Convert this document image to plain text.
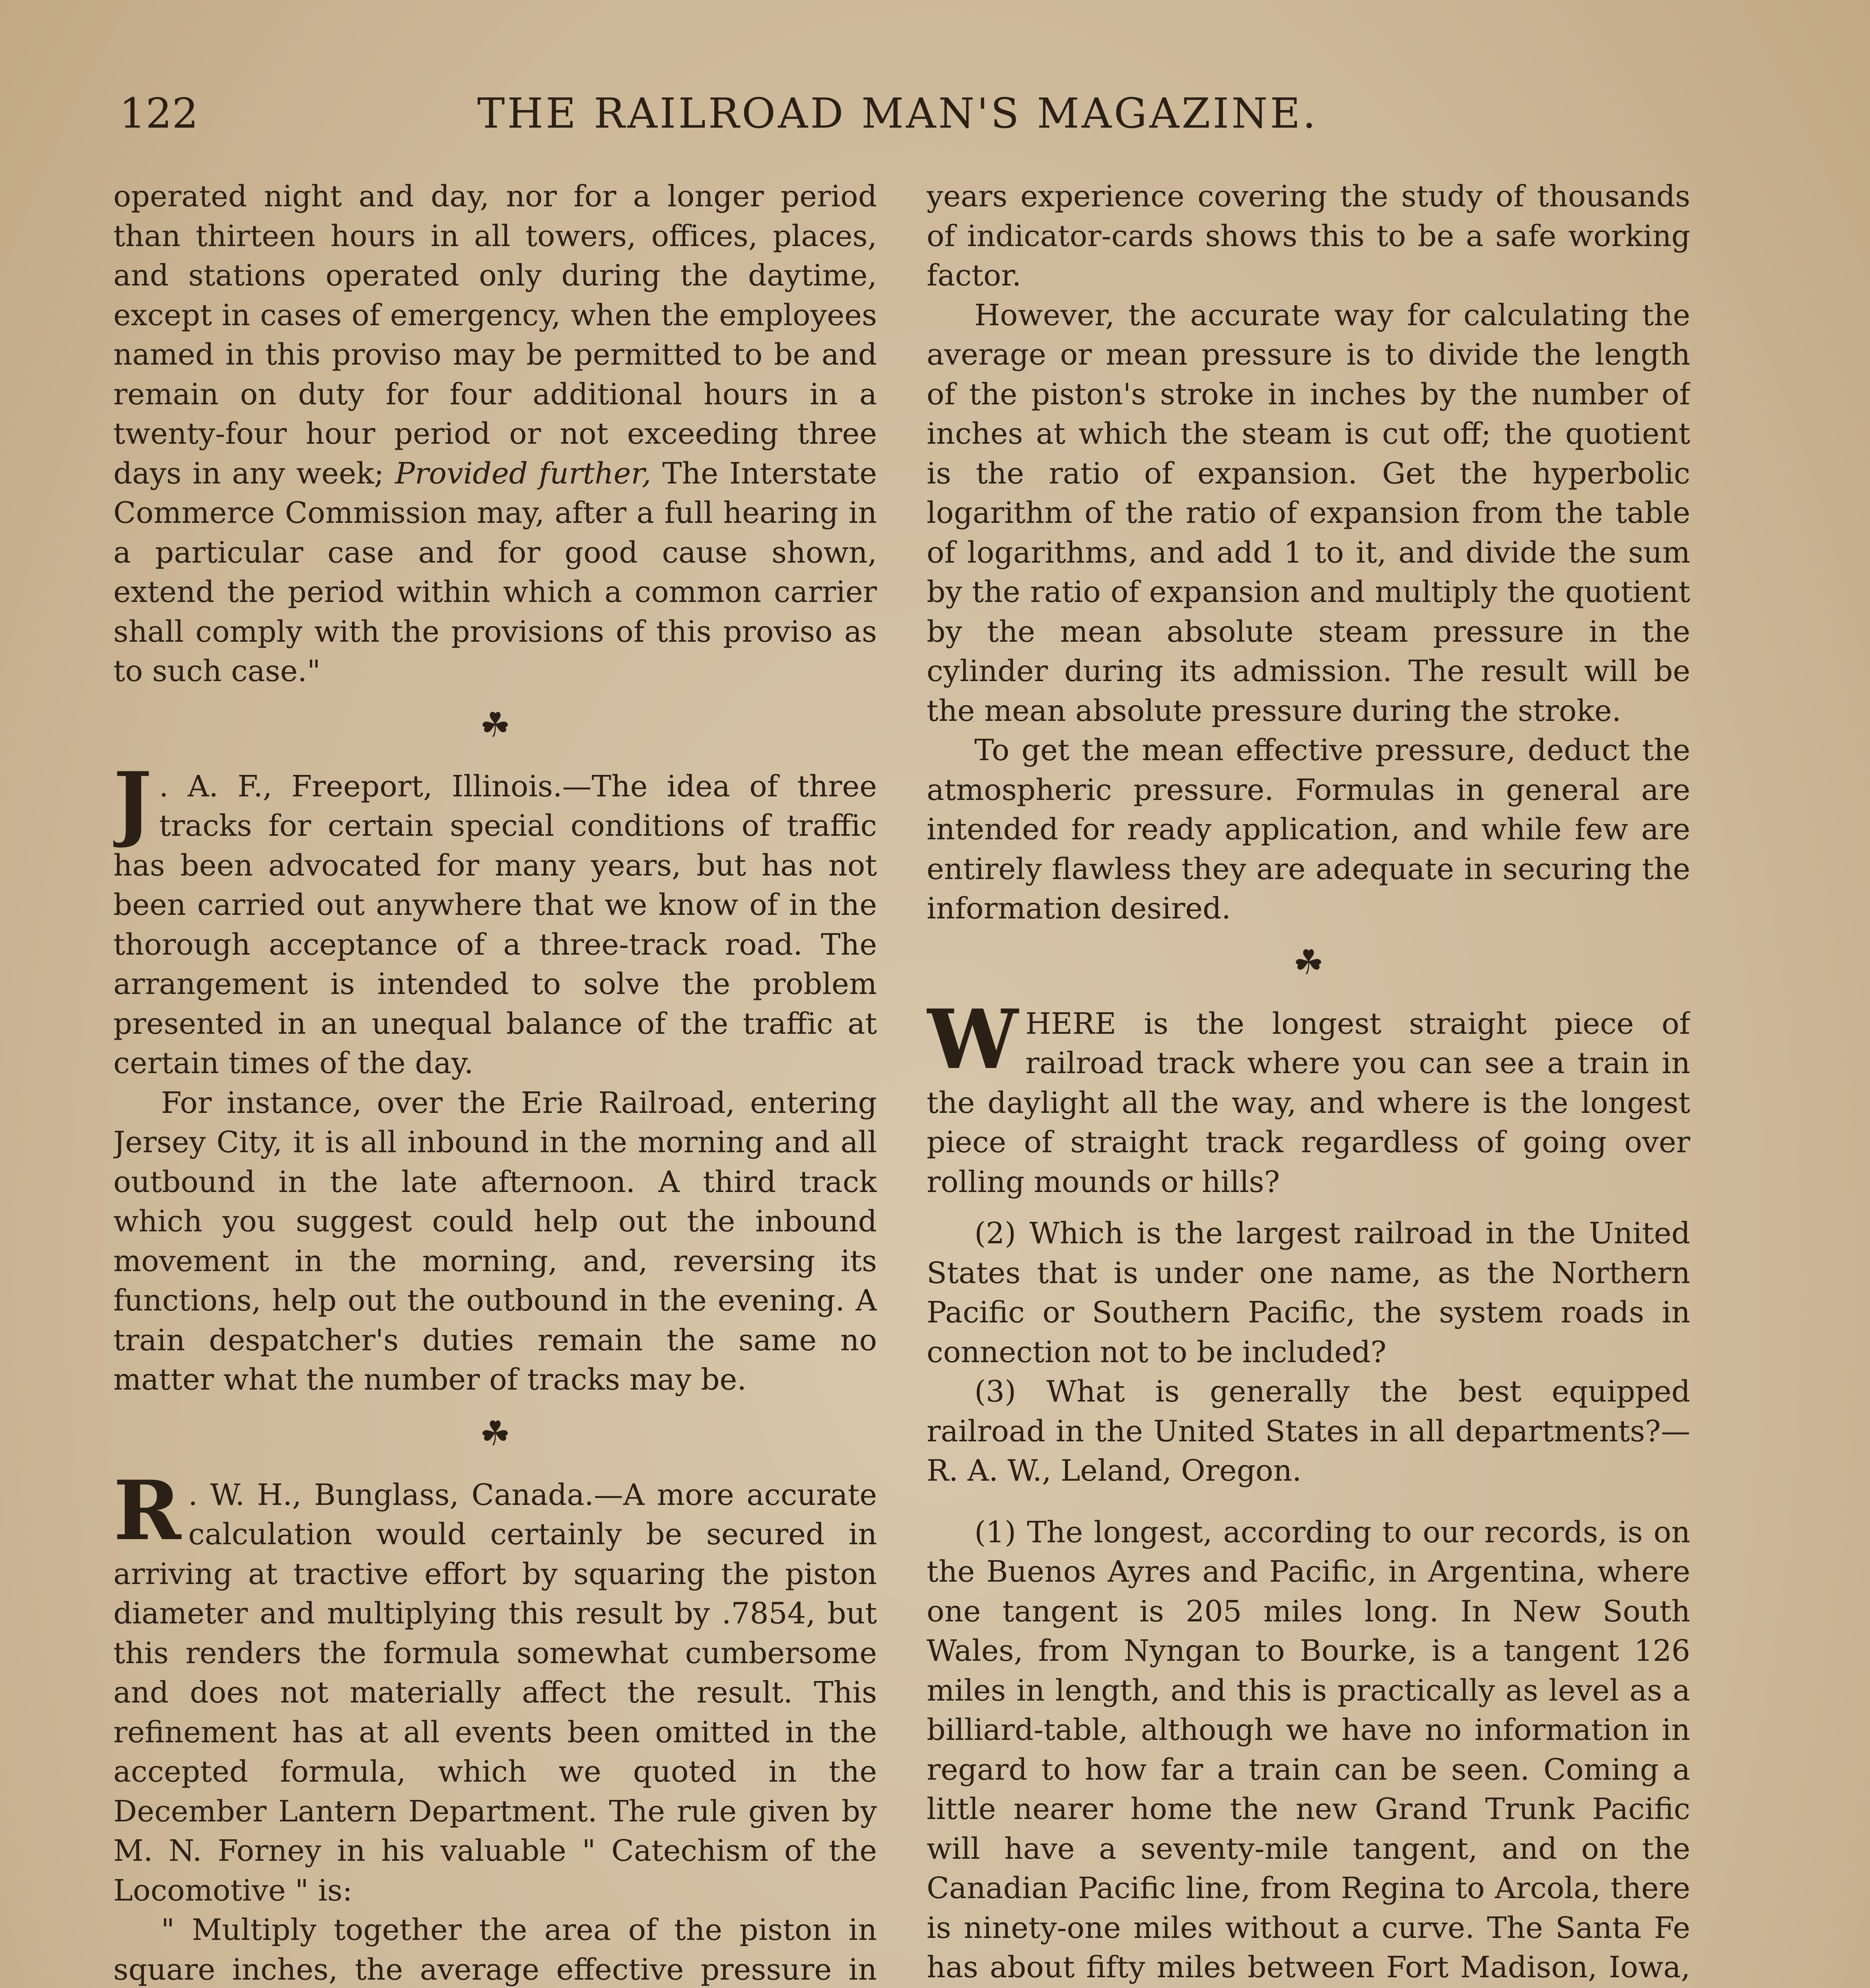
122	THE RAILROAD MAN'S MAGAZINE.

operated night and day, nor for a longer period than thirteen hours in all towers, offices, places, and stations operated only during the daytime, except in cases of emergency, when the employees named in this proviso may be permitted to be and remain on duty for four additional hours in a twenty-four hour period or not exceeding three days in any week; Provided further, The Interstate Commerce Commission may, after a full hearing in a particular case and for good cause shown, extend the period within which a common carrier shall comply with the provisions of this proviso as to such case."

☘

J . A. F., Freeport, Illinois.—The idea of three tracks for certain special conditions of traffic has been advocated for many years, but has not been carried out anywhere that we know of in the thorough acceptance of a three-track road. The arrangement is intended to solve the problem presented in an unequal balance of the traffic at certain times of the day.

For instance, over the Erie Railroad, entering Jersey City, it is all inbound in the morning and all outbound in the late afternoon. A third track which you suggest could help out the inbound movement in the morning, and, reversing its functions, help out the outbound in the evening. A train despatcher's duties remain the same no matter what the number of tracks may be.

☘

R . W. H., Bunglass, Canada.—A more accurate calculation would certainly be secured in arriving at tractive effort by squaring the piston diameter and multiplying this result by .7854, but this renders the formula somewhat cumbersome and does not materially affect the result. This refinement has at all events been omitted in the accepted formula, which we quoted in the December Lantern Department. The rule given by M. N. Forney in his valuable " Catechism of the Locomotive " is:

" Multiply together the area of the piston in square inches, the average effective pressure in

years experience covering the study of thousands of indicator-cards shows this to be a safe working factor.

However, the accurate way for calculating the average or mean pressure is to divide the length of the piston's stroke in inches by the number of inches at which the steam is cut off; the quotient is the ratio of expansion. Get the hyperbolic logarithm of the ratio of expansion from the table of logarithms, and add 1 to it, and divide the sum by the ratio of expansion and multiply the quotient by the mean absolute steam pressure in the cylinder during its admission. The result will be the mean absolute pressure during the stroke.

To get the mean effective pressure, deduct the atmospheric pressure. Formulas in general are intended for ready application, and while few are entirely flawless they are adequate in securing the information desired.

☘

WHERE is the longest straight piece of railroad track where you can see a train in the daylight all the way, and where is the longest piece of straight track regardless of going over rolling mounds or hills?

(2) Which is the largest railroad in the United States that is under one name, as the Northern Pacific or Southern Pacific, the system roads in connection not to be included?

(3) What is generally the best equipped railroad in the United States in all departments?—R. A. W., Leland, Oregon.

(1) The longest, according to our records, is on the Buenos Ayres and Pacific, in Argentina, where one tangent is 205 miles long. In New South Wales, from Nyngan to Bourke, is a tangent 126 miles in length, and this is practically as level as a billiard-table, although we have no information in regard to how far a train can be seen. Coming a little nearer home the new Grand Trunk Pacific will have a seventy-mile tangent, and on the Canadian Pacific line, from Regina to Arcola, there is ninety-one miles without a curve. The Santa Fe has about fifty miles between Fort Madison, Iowa,
